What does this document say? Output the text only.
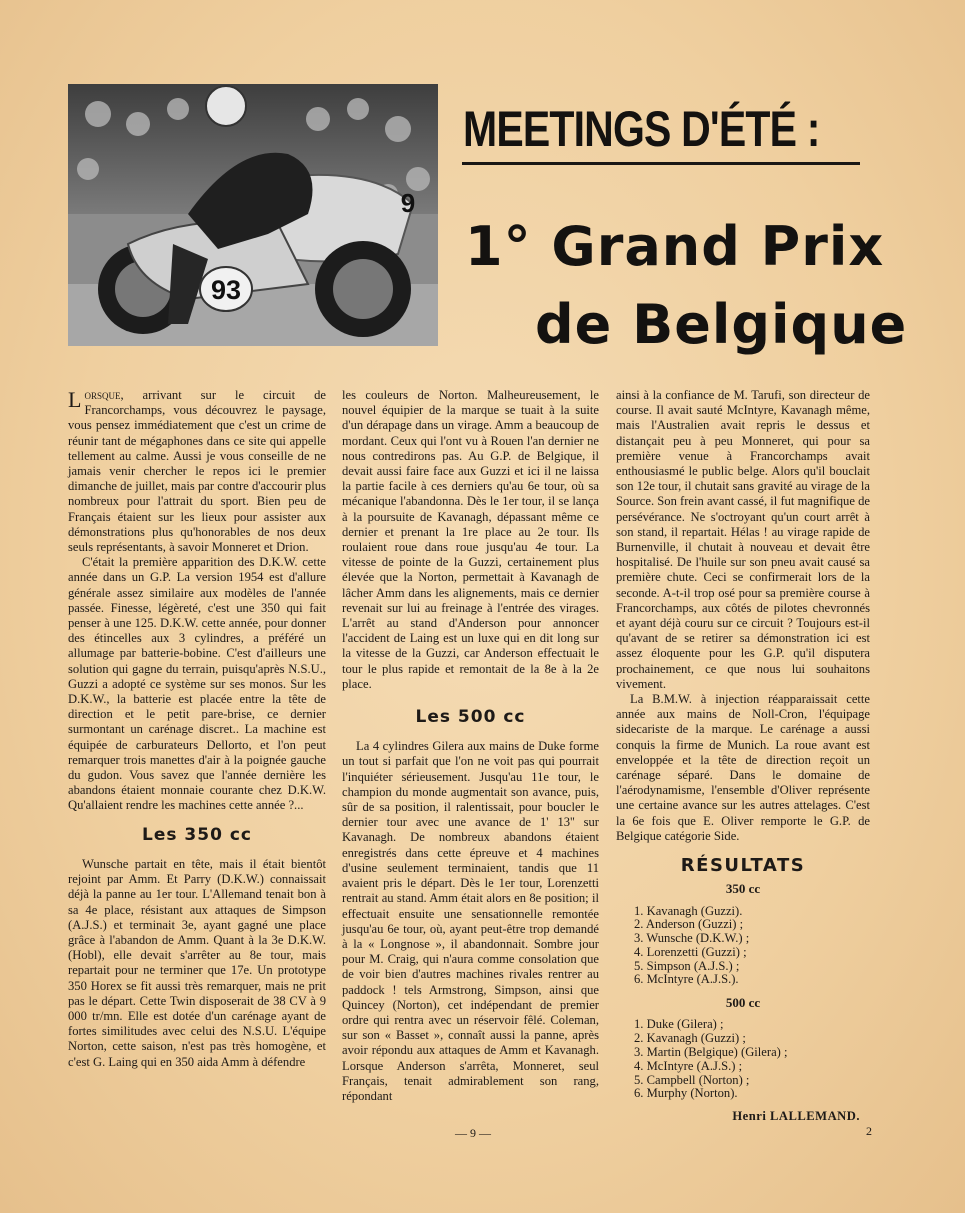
93
9
MEETINGS D'ÉTÉ :
1° Grand Prix
de Belgique

Lorsque, arrivant sur le circuit de Francorchamps, vous découvrez le paysage, vous pensez immédiatement que c'est un crime de réunir tant de mégaphones dans ce site qui appelle tellement au calme. Aussi je vous conseille de ne jamais venir chercher le repos ici le premier dimanche de juillet, mais par contre d'accourir plus nombreux pour l'attrait du sport. Bien peu de Français étaient sur les lieux pour assister aux démonstrations plus qu'honorables de nos deux seuls représentants, à savoir Monneret et Drion.

C'était la première apparition des D.K.W. cette année dans un G.P. La version 1954 est d'allure générale assez similaire aux modèles de l'année passée. Finesse, légèreté, c'est une 350 qui fait penser à une 125. D.K.W. cette année, pour donner des étincelles aux 3 cylindres, a préféré un allumage par batterie-bobine. C'est d'ailleurs une solution qui gagne du terrain, puisqu'après N.S.U., Guzzi a adopté ce système sur ses monos. Sur les D.K.W., la batterie est placée entre la tête de direction et le petit pare-brise, ce dernier surmontant un carénage discret.. La machine est équipée de carburateurs Dellorto, et l'on peut remarquer trois manettes d'air à la poignée gauche du gudon. Vous savez que l'année dernière les abandons étaient monnaie courante chez D.K.W. Qu'allaient rendre les machines cette année ?...

Les 350 cc

Wunsche partait en tête, mais il était bientôt rejoint par Amm. Et Parry (D.K.W.) connaissait déjà la panne au 1er tour. L'Allemand tenait bon à sa 4e place, résistant aux attaques de Simpson (A.J.S.) et terminait 3e, ayant gagné une place grâce à l'abandon de Amm. Quant à la 3e D.K.W. (Hobl), elle devait s'arrêter au 8e tour, mais repartait pour ne terminer que 17e. Un prototype 350 Horex se fit aussi très remarquer, mais ne prit pas le départ. Cette Twin disposerait de 38 CV à 9 000 tr/mn. Elle est dotée d'un carénage ayant de fortes similitudes avec celui des N.S.U. L'équipe Norton, cette saison, n'est pas très homogène, et c'est G. Laing qui en 350 aida Amm à défendre

les couleurs de Norton. Malheureusement, le nouvel équipier de la marque se tuait à la suite d'un dérapage dans un virage. Amm a beaucoup de mordant. Ceux qui l'ont vu à Rouen l'an dernier ne nous contredirons pas. Au G.P. de Belgique, il devait aussi faire face aux Guzzi et ici il ne laissa la partie facile à ces derniers qu'au 6e tour, où sa mécanique l'abandonna. Dès le 1er tour, il se lança à la poursuite de Kavanagh, dépassant même ce dernier et prenant la 1re place au 2e tour. Ils roulaient roue dans roue jusqu'au 4e tour. La vitesse de pointe de la Guzzi, certainement plus élevée que la Norton, permettait à Kavanagh de lâcher Amm dans les alignements, mais ce dernier revenait sur lui au freinage à l'entrée des virages. L'arrêt au stand d'Anderson pour annoncer l'accident de Laing est un luxe qui en dit long sur la vitesse de la Guzzi, car Anderson effectuait le tour le plus rapide et remontait de la 8e à la 2e place.

Les 500 cc

La 4 cylindres Gilera aux mains de Duke forme un tout si parfait que l'on ne voit pas qui pourrait l'inquiéter sérieusement. Jusqu'au 11e tour, le champion du monde augmentait son avance, puis, sûr de sa position, il ralentissait, pour boucler le dernier tour avec une avance de 1' 13'' sur Kavanagh. De nombreux abandons étaient enregistrés dans cette épreuve et 4 machines d'usine seulement terminaient, tandis que 11 avaient pris le départ. Dès le 1er tour, Lorenzetti rentrait au stand. Amm était alors en 8e position; il effectuait ensuite une sensationnelle remontée jusqu'au 6e tour, où, ayant peut-être trop demandé à la « Longnose », il abandonnait. Sombre jour pour M. Craig, qui n'aura comme consolation que de voir bien d'autres machines rivales rentrer au paddock ! tels Armstrong, Simpson, ainsi que Quincey (Norton), cet indépendant de premier ordre qui rentra avec un réservoir fêlé. Coleman, sur son « Basset », connaît aussi la panne, après avoir répondu aux attaques de Amm et Kavanagh. Lorsque Anderson s'arrêta, Monneret, seul Français, tenait admirablement son rang, répondant

ainsi à la confiance de M. Tarufi, son directeur de course. Il avait sauté McIntyre, Kavanagh même, mais l'Australien avait repris le dessus et distançait peu à peu Monneret, qui pour sa première venue à Francorchamps avait enthousiasmé le public belge. Alors qu'il bouclait son 12e tour, il chutait sans gravité au virage de la Source. Son frein avant cassé, il fut magnifique de persévérance. Ne s'octroyant qu'un court arrêt à son stand, il repartait. Hélas ! au virage rapide de Burnenville, il chutait à nouveau et devait être hospitalisé. De l'huile sur son pneu avait causé sa première chute. Ceci se confirmerait lors de la seconde. A-t-il trop osé pour sa première course à Francorchamps, aux côtés de pilotes chevronnés et ayant déjà couru sur ce circuit ? Toujours est-il qu'avant de se retirer sa démonstration ici est assez éloquente pour les G.P. qu'il disputera prochainement, ce que nous lui souhaitons vivement.

La B.M.W. à injection réapparaissait cette année aux mains de Noll-Cron, l'équipage sidecariste de la marque. Le carénage a aussi conquis la firme de Munich. La roue avant est enveloppée et la tête de direction reçoit un carénage séparé. Dans le domaine de l'aérodynamisme, l'ensemble d'Oliver représente une certaine avance sur les autres attelages. C'est la 6e fois que E. Oliver remporte le G.P. de Belgique catégorie Side.

RÉSULTATS
350 cc
1. Kavanagh (Guzzi).
2. Anderson (Guzzi) ;
3. Wunsche (D.K.W.) ;
4. Lorenzetti (Guzzi) ;
5. Simpson (A.J.S.) ;
6. McIntyre (A.J.S.).
500 cc
1. Duke (Gilera) ;
2. Kavanagh (Guzzi) ;
3. Martin (Belgique) (Gilera) ;
4. McIntyre (A.J.S.) ;
5. Campbell (Norton) ;
6. Murphy (Norton).
Henri LALLEMAND.
— 9 —	2
